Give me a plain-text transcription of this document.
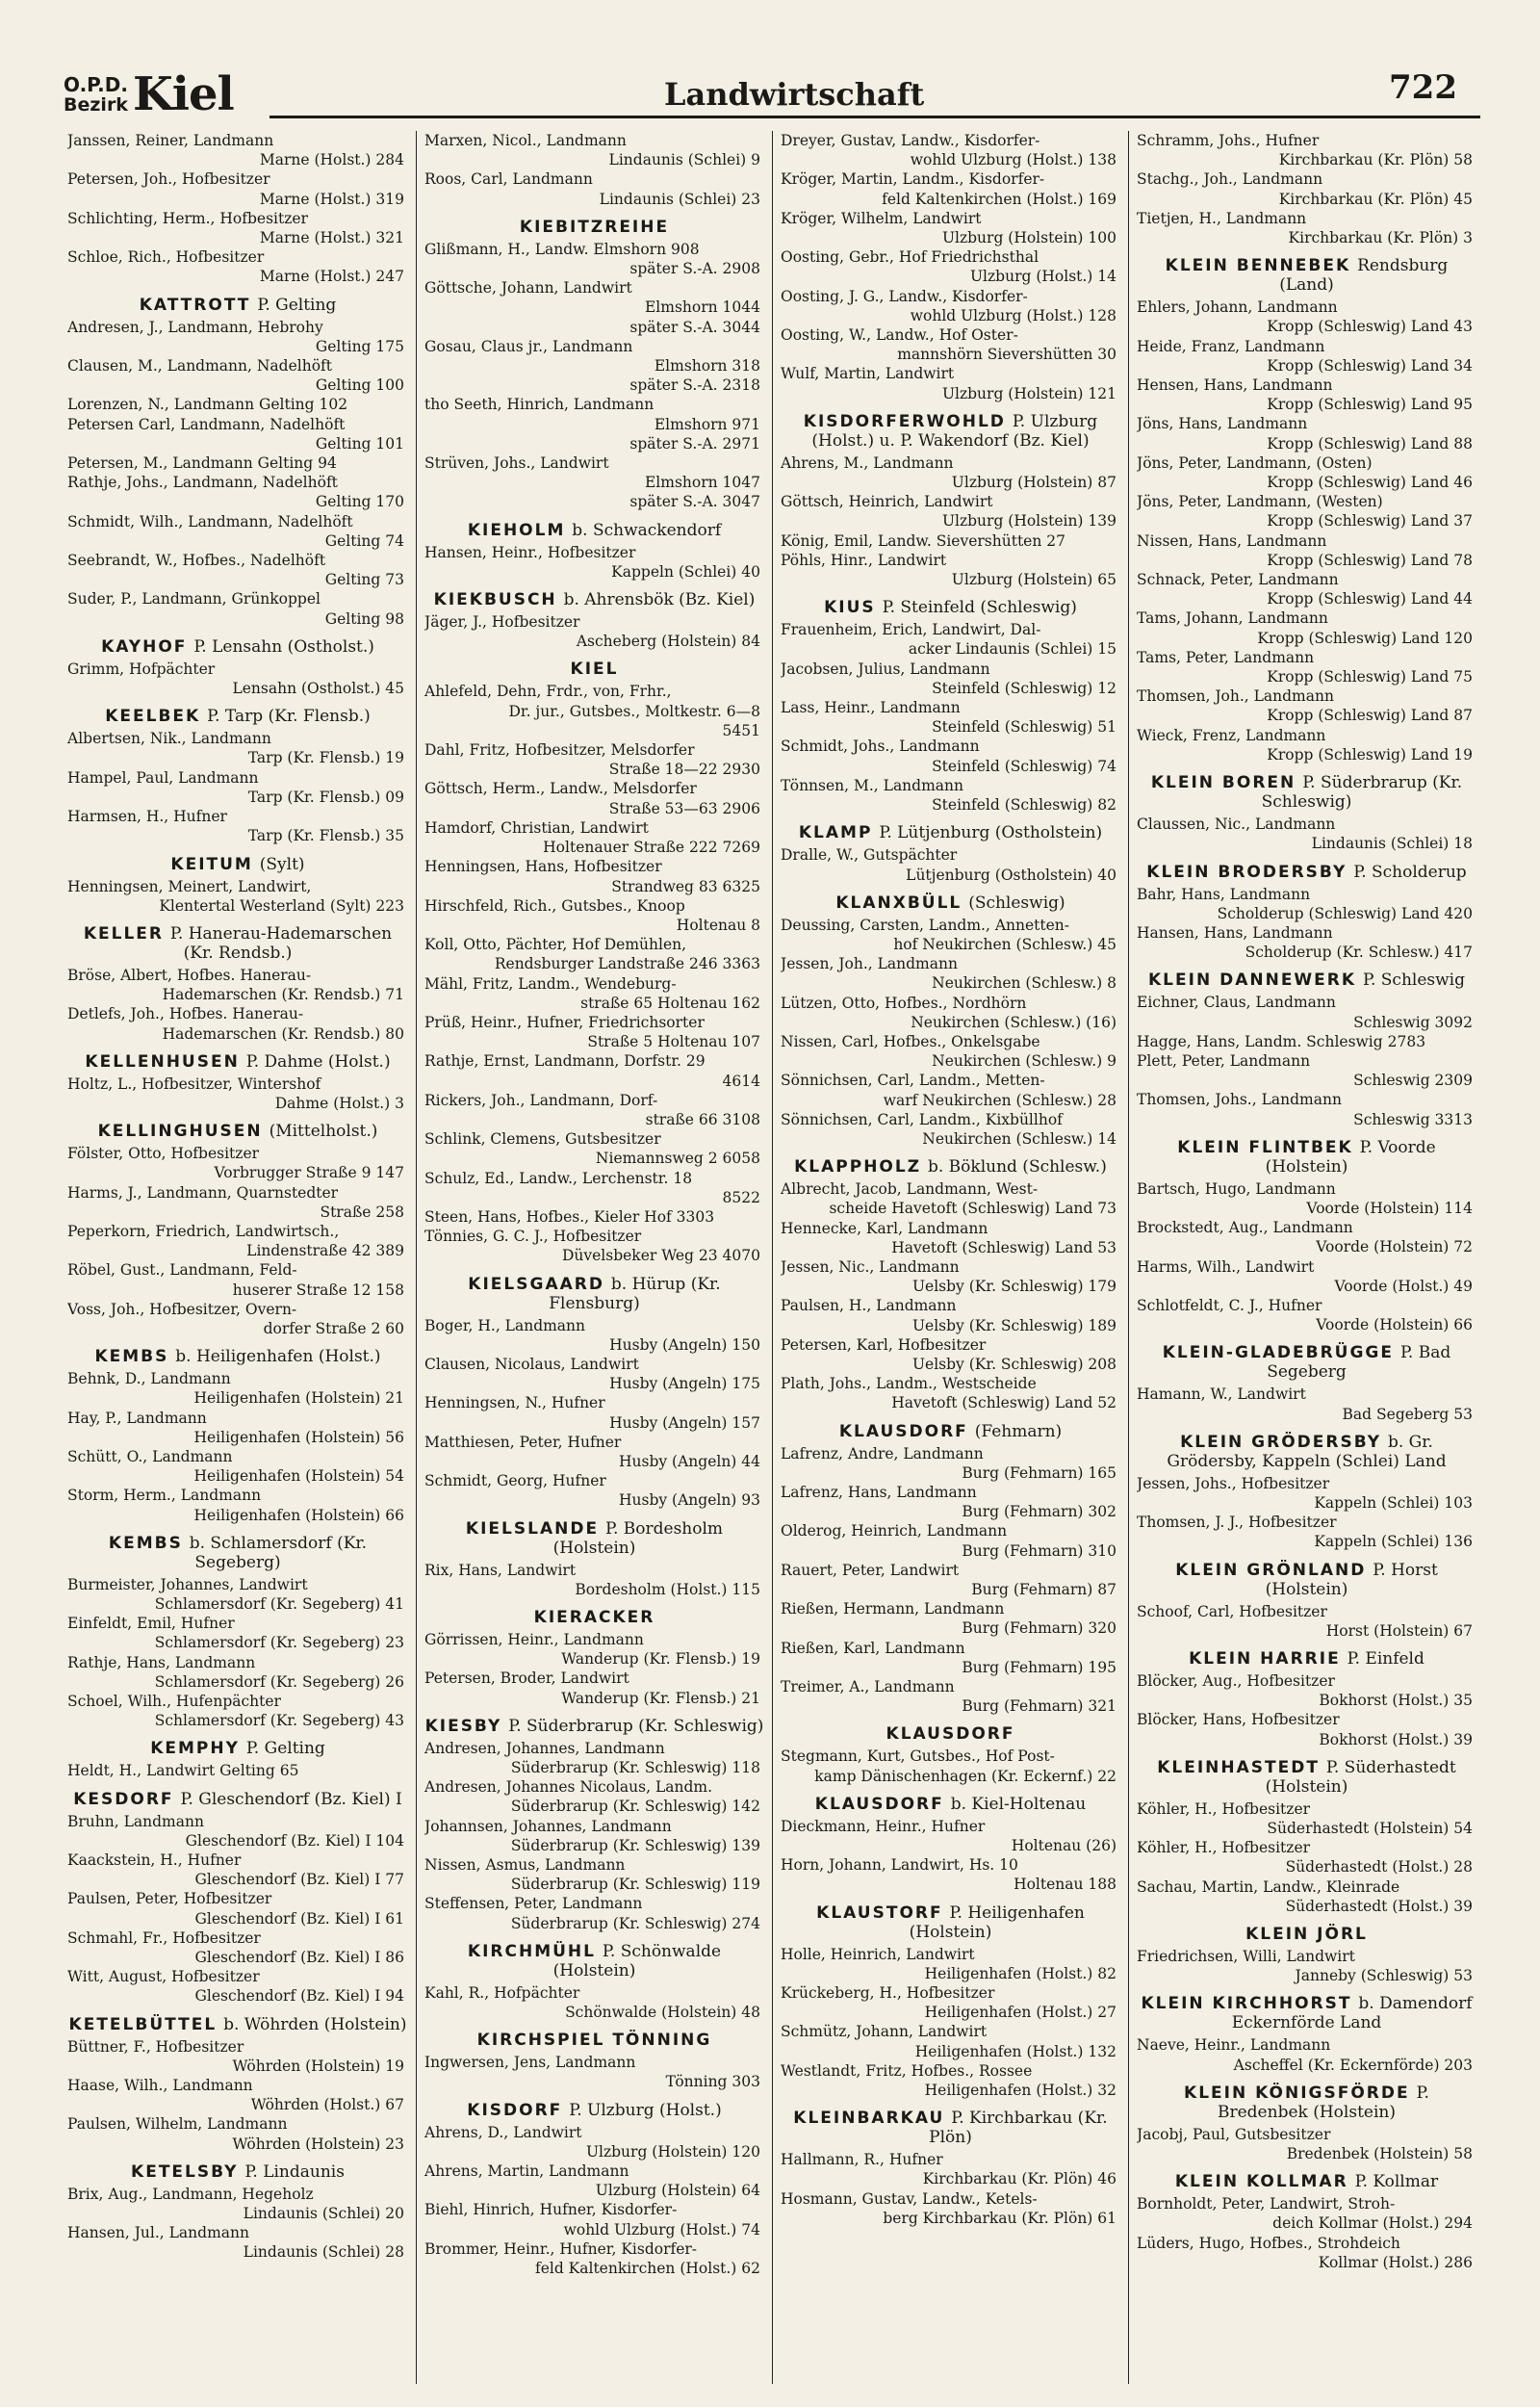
O.P.D.
Bezirk Kiel	Landwirtschaft	722
Janssen, Reiner, Landmann
Marne (Holst.) 284
Petersen, Joh., Hofbesitzer
Marne (Holst.) 319
Schlichting, Herm., Hofbesitzer
Marne (Holst.) 321
Schloe, Rich., Hofbesitzer
Marne (Holst.) 247
KATTROTT P. Gelting
Andresen, J., Landmann, Hebrohy
Gelting 175
Clausen, M., Landmann, Nadelhöft
Gelting 100
Lorenzen, N., Landmann Gelting 102
Petersen Carl, Landmann, Nadelhöft
Gelting 101
Petersen, M., Landmann Gelting 94
Rathje, Johs., Landmann, Nadelhöft
Gelting 170
Schmidt, Wilh., Landmann, Nadelhöft
Gelting 74
Seebrandt, W., Hofbes., Nadelhöft
Gelting 73
Suder, P., Landmann, Grünkoppel
Gelting 98
KAYHOF P. Lensahn (Ostholst.)
Grimm, Hofpächter
Lensahn (Ostholst.) 45
KEELBEK P. Tarp (Kr. Flensb.)
Albertsen, Nik., Landmann
Tarp (Kr. Flensb.) 19
Hampel, Paul, Landmann
Tarp (Kr. Flensb.) 09
Harmsen, H., Hufner
Tarp (Kr. Flensb.) 35
KEITUM (Sylt)
Henningsen, Meinert, Landwirt,
Klentertal Westerland (Sylt) 223
KELLER P. Hanerau-Hademarschen (Kr. Rendsb.)
Bröse, Albert, Hofbes. Hanerau-
Hademarschen (Kr. Rendsb.) 71
Detlefs, Joh., Hofbes. Hanerau-
Hademarschen (Kr. Rendsb.) 80
KELLENHUSEN P. Dahme (Holst.)
Holtz, L., Hofbesitzer, Wintershof
Dahme (Holst.) 3
KELLINGHUSEN (Mittelholst.)
Fölster, Otto, Hofbesitzer
Vorbrugger Straße 9 147
Harms, J., Landmann, Quarnstedter
Straße 258
Peperkorn, Friedrich, Landwirtsch.,
Lindenstraße 42 389
Röbel, Gust., Landmann, Feld-
huserer Straße 12 158
Voss, Joh., Hofbesitzer, Overn-
dorfer Straße 2 60
KEMBS b. Heiligenhafen (Holst.)
Behnk, D., Landmann
Heiligenhafen (Holstein) 21
Hay, P., Landmann
Heiligenhafen (Holstein) 56
Schütt, O., Landmann
Heiligenhafen (Holstein) 54
Storm, Herm., Landmann
Heiligenhafen (Holstein) 66
KEMBS b. Schlamersdorf (Kr. Segeberg)
Burmeister, Johannes, Landwirt
Schlamersdorf (Kr. Segeberg) 41
Einfeldt, Emil, Hufner
Schlamersdorf (Kr. Segeberg) 23
Rathje, Hans, Landmann
Schlamersdorf (Kr. Segeberg) 26
Schoel, Wilh., Hufenpächter
Schlamersdorf (Kr. Segeberg) 43
KEMPHY P. Gelting
Heldt, H., Landwirt Gelting 65
KESDORF P. Gleschendorf (Bz. Kiel) I
Bruhn, Landmann
Gleschendorf (Bz. Kiel) I 104
Kaackstein, H., Hufner
Gleschendorf (Bz. Kiel) I 77
Paulsen, Peter, Hofbesitzer
Gleschendorf (Bz. Kiel) I 61
Schmahl, Fr., Hofbesitzer
Gleschendorf (Bz. Kiel) I 86
Witt, August, Hofbesitzer
Gleschendorf (Bz. Kiel) I 94
KETELBÜTTEL b. Wöhrden (Holstein)
Büttner, F., Hofbesitzer
Wöhrden (Holstein) 19
Haase, Wilh., Landmann
Wöhrden (Holst.) 67
Paulsen, Wilhelm, Landmann
Wöhrden (Holstein) 23
KETELSBY P. Lindaunis
Brix, Aug., Landmann, Hegeholz
Lindaunis (Schlei) 20
Hansen, Jul., Landmann
Lindaunis (Schlei) 28
Marxen, Nicol., Landmann
Lindaunis (Schlei) 9
Roos, Carl, Landmann
Lindaunis (Schlei) 23
KIEBITZREIHE
Glißmann, H., Landw. Elmshorn 908
später S.-A. 2908
Göttsche, Johann, Landwirt
Elmshorn 1044
später S.-A. 3044
Gosau, Claus jr., Landmann
Elmshorn 318
später S.-A. 2318
tho Seeth, Hinrich, Landmann
Elmshorn 971
später S.-A. 2971
Strüven, Johs., Landwirt
Elmshorn 1047
später S.-A. 3047
KIEHOLM b. Schwackendorf
Hansen, Heinr., Hofbesitzer
Kappeln (Schlei) 40
KIEKBUSCH b. Ahrensbök (Bz. Kiel)
Jäger, J., Hofbesitzer
Ascheberg (Holstein) 84
KIEL
Ahlefeld, Dehn, Frdr., von, Frhr.,
Dr. jur., Gutsbes., Moltkestr. 6—8
5451
Dahl, Fritz, Hofbesitzer, Melsdorfer
Straße 18—22 2930
Göttsch, Herm., Landw., Melsdorfer
Straße 53—63 2906
Hamdorf, Christian, Landwirt
Holtenauer Straße 222 7269
Henningsen, Hans, Hofbesitzer
Strandweg 83 6325
Hirschfeld, Rich., Gutsbes., Knoop
Holtenau 8
Koll, Otto, Pächter, Hof Demühlen,
Rendsburger Landstraße 246 3363
Mähl, Fritz, Landm., Wendeburg-
straße 65 Holtenau 162
Prüß, Heinr., Hufner, Friedrichsorter
Straße 5 Holtenau 107
Rathje, Ernst, Landmann, Dorfstr. 29
4614
Rickers, Joh., Landmann, Dorf-
straße 66 3108
Schlink, Clemens, Gutsbesitzer
Niemannsweg 2 6058
Schulz, Ed., Landw., Lerchenstr. 18
8522
Steen, Hans, Hofbes., Kieler Hof 3303
Tönnies, G. C. J., Hofbesitzer
Düvelsbeker Weg 23 4070
KIELSGAARD b. Hürup (Kr. Flensburg)
Boger, H., Landmann
Husby (Angeln) 150
Clausen, Nicolaus, Landwirt
Husby (Angeln) 175
Henningsen, N., Hufner
Husby (Angeln) 157
Matthiesen, Peter, Hufner
Husby (Angeln) 44
Schmidt, Georg, Hufner
Husby (Angeln) 93
KIELSLANDE P. Bordesholm (Holstein)
Rix, Hans, Landwirt
Bordesholm (Holst.) 115
KIERACKER
Görrissen, Heinr., Landmann
Wanderup (Kr. Flensb.) 19
Petersen, Broder, Landwirt
Wanderup (Kr. Flensb.) 21
KIESBY P. Süderbrarup (Kr. Schleswig)
Andresen, Johannes, Landmann
Süderbrarup (Kr. Schleswig) 118
Andresen, Johannes Nicolaus, Landm.
Süderbrarup (Kr. Schleswig) 142
Johannsen, Johannes, Landmann
Süderbrarup (Kr. Schleswig) 139
Nissen, Asmus, Landmann
Süderbrarup (Kr. Schleswig) 119
Steffensen, Peter, Landmann
Süderbrarup (Kr. Schleswig) 274
KIRCHMÜHL P. Schönwalde (Holstein)
Kahl, R., Hofpächter
Schönwalde (Holstein) 48
KIRCHSPIEL TÖNNING
Ingwersen, Jens, Landmann
Tönning 303
KISDORF P. Ulzburg (Holst.)
Ahrens, D., Landwirt
Ulzburg (Holstein) 120
Ahrens, Martin, Landmann
Ulzburg (Holstein) 64
Biehl, Hinrich, Hufner, Kisdorfer-
wohld Ulzburg (Holst.) 74
Brommer, Heinr., Hufner, Kisdorfer-
feld Kaltenkirchen (Holst.) 62
Dreyer, Gustav, Landw., Kisdorfer-
wohld Ulzburg (Holst.) 138
Kröger, Martin, Landm., Kisdorfer-
feld Kaltenkirchen (Holst.) 169
Kröger, Wilhelm, Landwirt
Ulzburg (Holstein) 100
Oosting, Gebr., Hof Friedrichsthal
Ulzburg (Holst.) 14
Oosting, J. G., Landw., Kisdorfer-
wohld Ulzburg (Holst.) 128
Oosting, W., Landw., Hof Oster-
mannshörn Sievershütten 30
Wulf, Martin, Landwirt
Ulzburg (Holstein) 121
KISDORFERWOHLD P. Ulzburg (Holst.) u. P. Wakendorf (Bz. Kiel)
Ahrens, M., Landmann
Ulzburg (Holstein) 87
Göttsch, Heinrich, Landwirt
Ulzburg (Holstein) 139
König, Emil, Landw. Sievershütten 27
Pöhls, Hinr., Landwirt
Ulzburg (Holstein) 65
KIUS P. Steinfeld (Schleswig)
Frauenheim, Erich, Landwirt, Dal-
acker Lindaunis (Schlei) 15
Jacobsen, Julius, Landmann
Steinfeld (Schleswig) 12
Lass, Heinr., Landmann
Steinfeld (Schleswig) 51
Schmidt, Johs., Landmann
Steinfeld (Schleswig) 74
Tönnsen, M., Landmann
Steinfeld (Schleswig) 82
KLAMP P. Lütjenburg (Ostholstein)
Dralle, W., Gutspächter
Lütjenburg (Ostholstein) 40
KLANXBÜLL (Schleswig)
Deussing, Carsten, Landm., Annetten-
hof Neukirchen (Schlesw.) 45
Jessen, Joh., Landmann
Neukirchen (Schlesw.) 8
Lützen, Otto, Hofbes., Nordhörn
Neukirchen (Schlesw.) (16)
Nissen, Carl, Hofbes., Onkelsgabe
Neukirchen (Schlesw.) 9
Sönnichsen, Carl, Landm., Metten-
warf Neukirchen (Schlesw.) 28
Sönnichsen, Carl, Landm., Kixbüllhof
Neukirchen (Schlesw.) 14
KLAPPHOLZ b. Böklund (Schlesw.)
Albrecht, Jacob, Landmann, West-
scheide Havetoft (Schleswig) Land 73
Hennecke, Karl, Landmann
Havetoft (Schleswig) Land 53
Jessen, Nic., Landmann
Uelsby (Kr. Schleswig) 179
Paulsen, H., Landmann
Uelsby (Kr. Schleswig) 189
Petersen, Karl, Hofbesitzer
Uelsby (Kr. Schleswig) 208
Plath, Johs., Landm., Westscheide
Havetoft (Schleswig) Land 52
KLAUSDORF (Fehmarn)
Lafrenz, Andre, Landmann
Burg (Fehmarn) 165
Lafrenz, Hans, Landmann
Burg (Fehmarn) 302
Olderog, Heinrich, Landmann
Burg (Fehmarn) 310
Rauert, Peter, Landwirt
Burg (Fehmarn) 87
Rießen, Hermann, Landmann
Burg (Fehmarn) 320
Rießen, Karl, Landmann
Burg (Fehmarn) 195
Treimer, A., Landmann
Burg (Fehmarn) 321
KLAUSDORF
Stegmann, Kurt, Gutsbes., Hof Post-
kamp Dänischenhagen (Kr. Eckernf.) 22
KLAUSDORF b. Kiel-Holtenau
Dieckmann, Heinr., Hufner
Holtenau (26)
Horn, Johann, Landwirt, Hs. 10
Holtenau 188
KLAUSTORF P. Heiligenhafen (Holstein)
Holle, Heinrich, Landwirt
Heiligenhafen (Holst.) 82
Krückeberg, H., Hofbesitzer
Heiligenhafen (Holst.) 27
Schmütz, Johann, Landwirt
Heiligenhafen (Holst.) 132
Westlandt, Fritz, Hofbes., Rossee
Heiligenhafen (Holst.) 32
KLEINBARKAU P. Kirchbarkau (Kr. Plön)
Hallmann, R., Hufner
Kirchbarkau (Kr. Plön) 46
Hosmann, Gustav, Landw., Ketels-
berg Kirchbarkau (Kr. Plön) 61
Schramm, Johs., Hufner
Kirchbarkau (Kr. Plön) 58
Stachg., Joh., Landmann
Kirchbarkau (Kr. Plön) 45
Tietjen, H., Landmann
Kirchbarkau (Kr. Plön) 3
KLEIN BENNEBEK Rendsburg (Land)
Ehlers, Johann, Landmann
Kropp (Schleswig) Land 43
Heide, Franz, Landmann
Kropp (Schleswig) Land 34
Hensen, Hans, Landmann
Kropp (Schleswig) Land 95
Jöns, Hans, Landmann
Kropp (Schleswig) Land 88
Jöns, Peter, Landmann, (Osten)
Kropp (Schleswig) Land 46
Jöns, Peter, Landmann, (Westen)
Kropp (Schleswig) Land 37
Nissen, Hans, Landmann
Kropp (Schleswig) Land 78
Schnack, Peter, Landmann
Kropp (Schleswig) Land 44
Tams, Johann, Landmann
Kropp (Schleswig) Land 120
Tams, Peter, Landmann
Kropp (Schleswig) Land 75
Thomsen, Joh., Landmann
Kropp (Schleswig) Land 87
Wieck, Frenz, Landmann
Kropp (Schleswig) Land 19
KLEIN BOREN P. Süderbrarup (Kr. Schleswig)
Claussen, Nic., Landmann
Lindaunis (Schlei) 18
KLEIN BRODERSBY P. Scholderup
Bahr, Hans, Landmann
Scholderup (Schleswig) Land 420
Hansen, Hans, Landmann
Scholderup (Kr. Schlesw.) 417
KLEIN DANNEWERK P. Schleswig
Eichner, Claus, Landmann
Schleswig 3092
Hagge, Hans, Landm. Schleswig 2783
Plett, Peter, Landmann
Schleswig 2309
Thomsen, Johs., Landmann
Schleswig 3313
KLEIN FLINTBEK P. Voorde (Holstein)
Bartsch, Hugo, Landmann
Voorde (Holstein) 114
Brockstedt, Aug., Landmann
Voorde (Holstein) 72
Harms, Wilh., Landwirt
Voorde (Holst.) 49
Schlotfeldt, C. J., Hufner
Voorde (Holstein) 66
KLEIN-GLADEBRÜGGE P. Bad Segeberg
Hamann, W., Landwirt
Bad Segeberg 53
KLEIN GRÖDERSBY b. Gr. Grödersby, Kappeln (Schlei) Land
Jessen, Johs., Hofbesitzer
Kappeln (Schlei) 103
Thomsen, J. J., Hofbesitzer
Kappeln (Schlei) 136
KLEIN GRÖNLAND P. Horst (Holstein)
Schoof, Carl, Hofbesitzer
Horst (Holstein) 67
KLEIN HARRIE P. Einfeld
Blöcker, Aug., Hofbesitzer
Bokhorst (Holst.) 35
Blöcker, Hans, Hofbesitzer
Bokhorst (Holst.) 39
KLEINHASTEDT P. Süderhastedt (Holstein)
Köhler, H., Hofbesitzer
Süderhastedt (Holstein) 54
Köhler, H., Hofbesitzer
Süderhastedt (Holst.) 28
Sachau, Martin, Landw., Kleinrade
Süderhastedt (Holst.) 39
KLEIN JÖRL
Friedrichsen, Willi, Landwirt
Janneby (Schleswig) 53
KLEIN KIRCHHORST b. Damendorf Eckernförde Land
Naeve, Heinr., Landmann
Ascheffel (Kr. Eckernförde) 203
KLEIN KÖNIGSFÖRDE P. Bredenbek (Holstein)
Jacobj, Paul, Gutsbesitzer
Bredenbek (Holstein) 58
KLEIN KOLLMAR P. Kollmar
Bornholdt, Peter, Landwirt, Stroh-
deich Kollmar (Holst.) 294
Lüders, Hugo, Hofbes., Strohdeich
Kollmar (Holst.) 286
